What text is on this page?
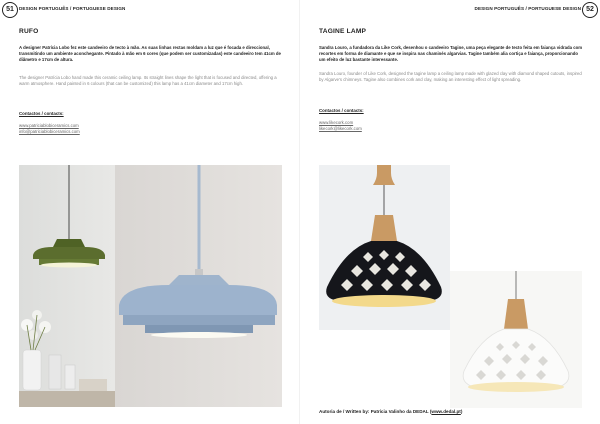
51	DESIGN PORTUGUÊS / PORTUGUESE DESIGN
RUFO
A designer Patrícia Lobo fez este candeeiro de tecto à mão. As suas linhas rectas moldam a luz que é focada e direccional, transmitindo um ambiente aconchegante. Pintado à mão em 6 cores (que podem ser customizadas) este candeeiro tem 41cm de diâmetro e 17cm de altura.
The designer Patrícia Lobo hand made this ceramic ceiling lamp. Its straight lines shape the light that is focused and directed, offering a warm atmosphere. Hand painted in 6 colours (that can be customized) this lamp has a 41cm diameter and 17cm high.
Contactos / contacts:
www.patriciablobiceramics.com
info@patriciablobiceramics.com
52
DESIGN PORTUGUÊS / PORTUGUESE DESIGN
TAGINE LAMP
Sandra Louro, a fundadora da Like Cork, desenhou o candeeiro Tagine, uma peça elegante de tecto feita em faiança vidrada com recortes em forma de diamante e que se inspira nas chaminés algarvias. Tagine também alia cortiça e faiança, proporcionando um efeito de luz bastante interessante.
Sandra Louro, founder of Like Cork, designed the tagine lamp a ceiling lamp made with glazed clay with diamond shaped cutouts, inspired by Algarve's chimneys. Tagine also combines cork and clay, making an interesting effect of light spreading.
Contactos / contacts:
www.likecork.com
likecork@likecork.com
Autoria de / Written by: Patrícia Valinho da DEDAL (www.dedal.pt)
